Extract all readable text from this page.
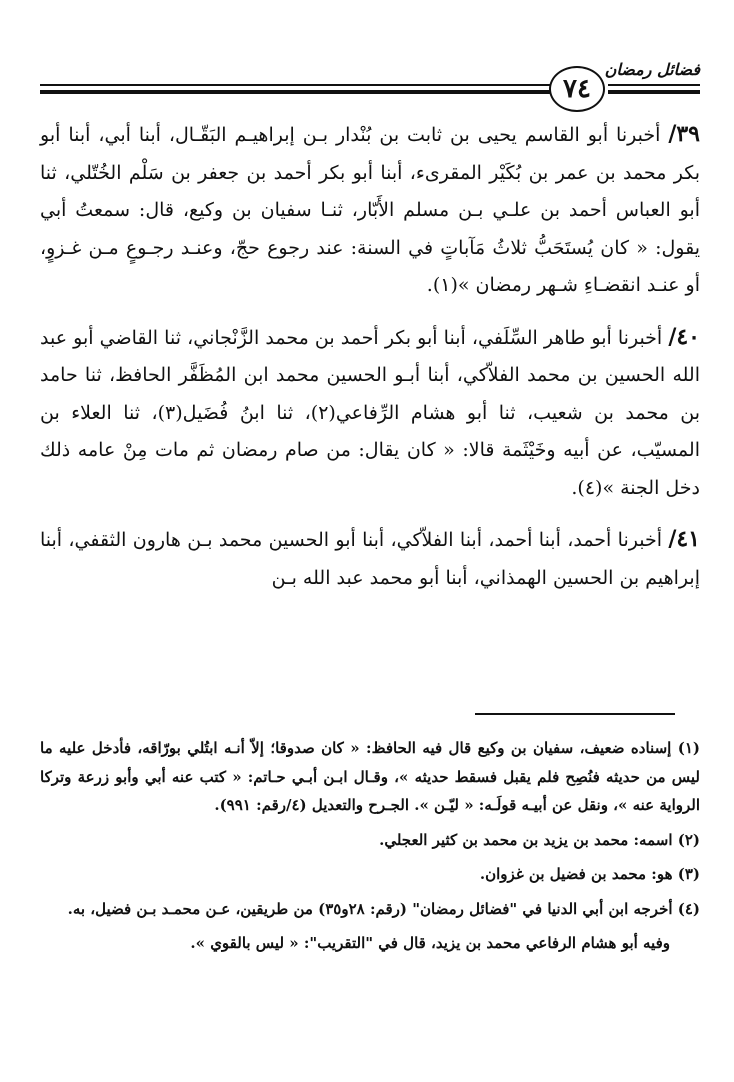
فضائل رمضان
٧٤

٣٩/ أخبرنا أبو القاسم يحيى بن ثابت بن بُنْدار بـن إبراهيـم البَقّـال، أبنا أبي، أبنا أبو بكر محمد بن عمر بن بُكَيْر المقرىء، أبنا أبو بكر أحمد بن جعفر بن سَلْم الخُتّلي، ثنا أبو العباس أحمد بن علـي بـن مسلم الأَبّار، ثنـا سفيان بن وكيع، قال: سمعتُ أبي يقول: « كان يُستَحَبُّ ثلاثُ مَآباتٍ في السنة: عند رجوع حجّ، وعنـد رجـوعٍ مـن غـزوٍ، أو عنـد انقضـاءِ شـهر رمضان »(١).

٤٠/ أخبرنا أبو طاهر السِّلَفي، أبنا أبو بكر أحمد بن محمد الزَّنْجاني، ثنا القاضي أبو عبد الله الحسين بن محمد الفلاّكي، أبنا أبـو الحسين محمد ابن المُظَفَّر الحافظ، ثنا حامد بن محمد بن شعيب، ثنا أبو هشام الرِّفاعي(٢)، ثنا ابنُ فُضَيل(٣)، ثنا العلاء بن المسيّب، عن أبيه وخَيْثَمة قالا: « كان يقال: من صام رمضان ثم مات مِنْ عامه ذلك دخل الجنة »(٤).

٤١/ أخبرنا أحمد، أبنا أحمد، أبنا الفلاّكي، أبنا أبو الحسين محمد بـن هارون الثقفي، أبنا إبراهيم بن الحسين الهمذاني، أبنا أبو محمد عبد الله بـن

(١) إسناده ضعيف، سفيان بن وكيع قال فيه الحافظ: « كان صدوقا؛ إلاّ أنـه ابتُلي بورّاقه، فأدخل عليه ما ليس من حديثه فنُصِح فلم يقبل فسقط حديثه »، وقـال ابـن أبـي حـاتم: « كتب عنه أبي وأبو زرعة وتركا الرواية عنه »، ونقل عن أبيـه قولَـه: « ليّـن ». الجـرح والتعديل (٤/رقم: ٩٩١).

(٢) اسمه: محمد بن يزيد بن محمد بن كثير العجلي.

(٣) هو: محمد بن فضيل بن غزوان.

(٤) أخرجه ابن أبي الدنيا في "فضائل رمضان" (رقم: ٢٨و٣٥) من طريقين، عـن محمـد بـن فضيل، به.

وفيه أبو هشام الرفاعي محمد بن يزيد، قال في "التقريب": « ليس بالقوي ».
